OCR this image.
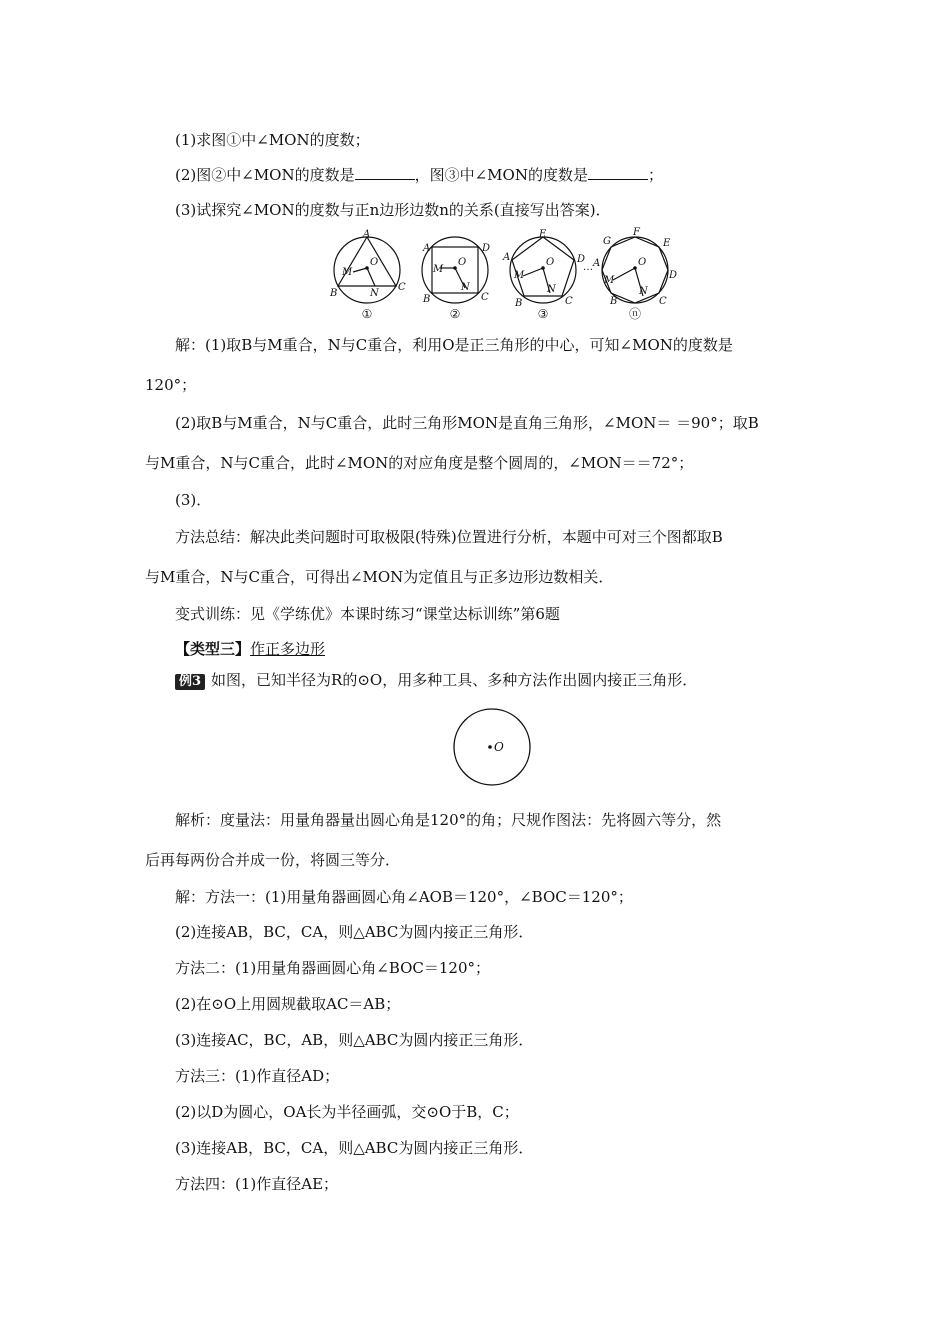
(1)求图①中∠MON的度数；
(2)图②中∠MON的度数是	，图③中∠MON的度数是	；
(3)试探究∠MON的度数与正n边形边数n的关系(直接写出答案)．
A
O
M
B	N
C
A	D
M
O
B
N
C
E
A	D
M
O
B
N
C
…
G
F
E
A
D
M
O
B
N
C
①	②	③	ⓝ
解：(1)取B与M重合，N与C重合，利用O是正三角形的中心，可知∠MON的度数是
120°；
(2)取B与M重合，N与C重合，此时三角形MON是直角三角形，∠MON＝ ＝90°；取B
与M重合，N与C重合，此时∠MON的对应角度是整个圆周的，∠MON＝＝72°；
(3)．
方法总结：解决此类问题时可取极限(特殊)位置进行分析，本题中可对三个图都取B
与M重合，N与C重合，可得出∠MON为定值且与正多边形边数相关．
变式训练：见《学练优》本课时练习“课堂达标训练”第6题
【类型三】作正多边形
例3 如图，已知半径为R的⊙O，用多种工具、多种方法作出圆内接正三角形．
O
解析：度量法：用量角器量出圆心角是120°的角；尺规作图法：先将圆六等分，然
后再每两份合并成一份，将圆三等分．
解：方法一：(1)用量角器画圆心角∠AOB＝120°，∠BOC＝120°；
(2)连接AB，BC，CA，则△ABC为圆内接正三角形．
方法二：(1)用量角器画圆心角∠BOC＝120°；
(2)在⊙O上用圆规截取AC＝AB；
(3)连接AC，BC，AB，则△ABC为圆内接正三角形．
方法三：(1)作直径AD；
(2)以D为圆心，OA长为半径画弧，交⊙O于B，C；
(3)连接AB，BC，CA，则△ABC为圆内接正三角形．
方法四：(1)作直径AE；
